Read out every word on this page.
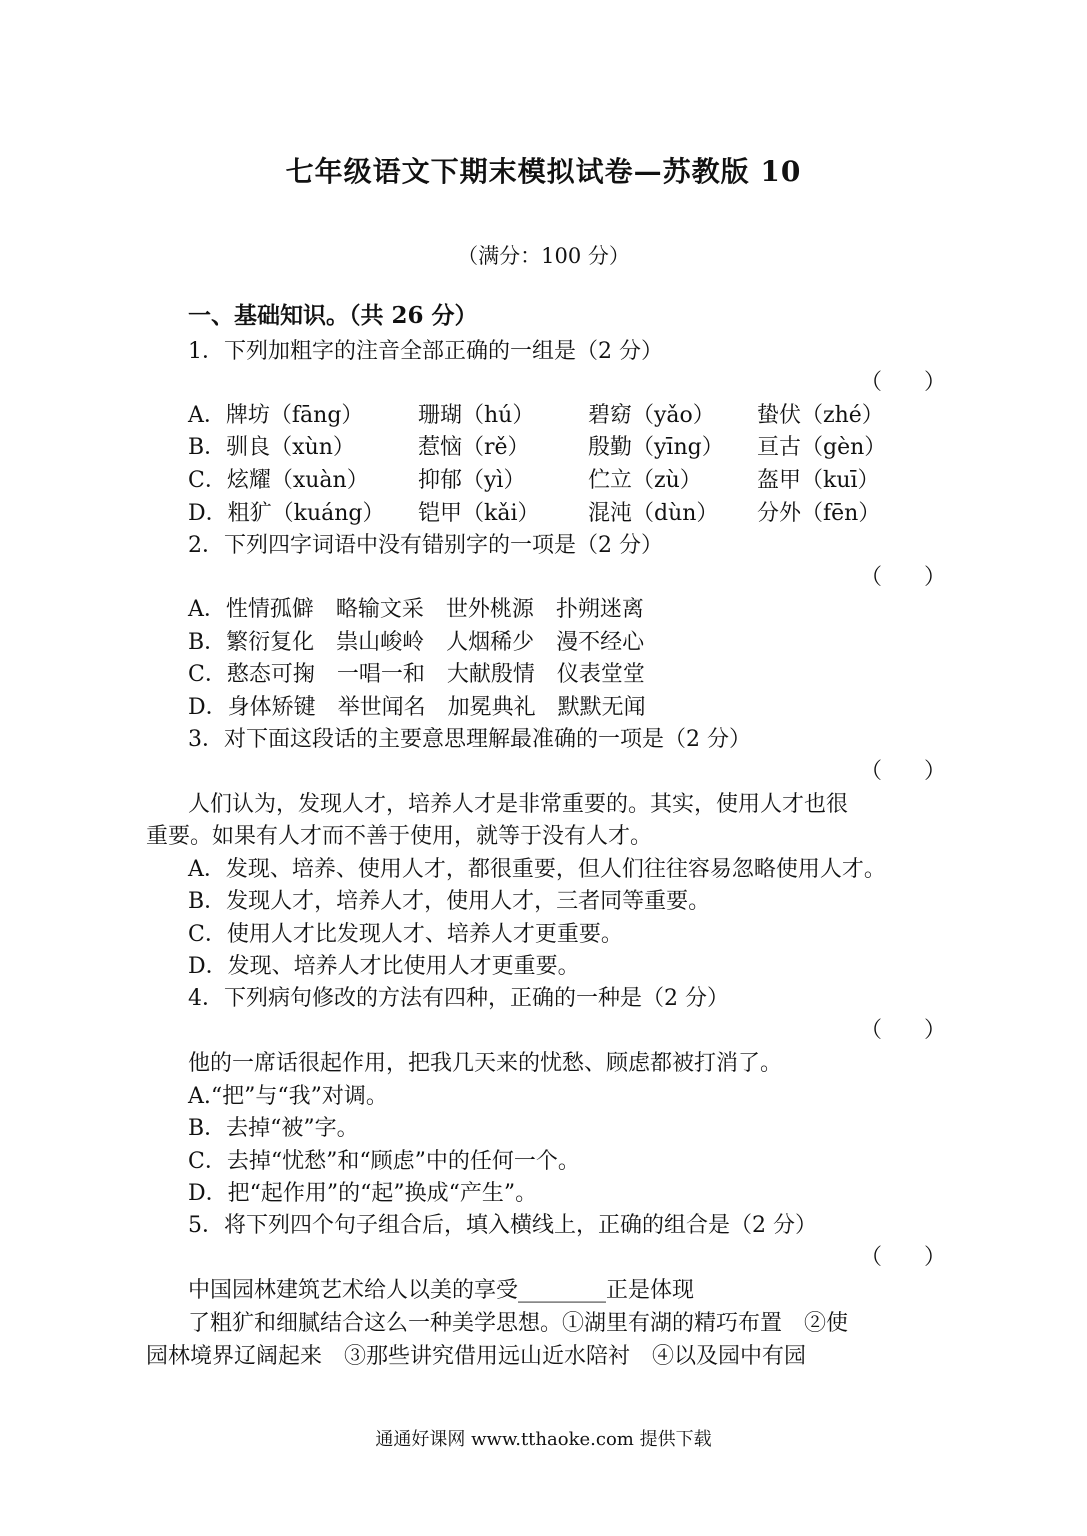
七年级语文下期末模拟试卷—苏教版 10
（满分：100 分）
一、基础知识。（共 26 分）
1．下列加粗字的注音全部正确的一组是（2 分）
（      ）
A．牌坊（fāng） 珊瑚（hú） 碧窈（yǎo） 蛰伏（zhé）
B．驯良（xùn）	惹恼（rě）	殷勤（yīng） 亘古（gèn）
C．炫耀（xuàn） 抑郁（yì）	伫立（zù）	盔甲（kuī）
D．粗犷（kuáng） 铠甲（kǎi） 混沌（dùn） 分外（fēn）
2．下列四字词语中没有错别字的一项是（2 分）
（      ）
A．性情孤僻　略输文采　世外桃源　扑朔迷离
B．繁衍复化　祟山峻岭　人烟稀少　漫不经心
C．憨态可掬　一唱一和　大献殷情　仪表堂堂
D．身体矫键　举世闻名　加冕典礼　默默无闻
3．对下面这段话的主要意思理解最准确的一项是（2 分）
（      ）
人们认为，发现人才，培养人才是非常重要的。其实，使用人才也很
重要。如果有人才而不善于使用，就等于没有人才。
A．发现、培养、使用人才，都很重要，但人们往往容易忽略使用人才。
B．发现人才，培养人才，使用人才，三者同等重要。
C．使用人才比发现人才、培养人才更重要。
D．发现、培养人才比使用人才更重要。
4．下列病句修改的方法有四种，正确的一种是（2 分）
（      ）
他的一席话很起作用，把我几天来的忧愁、顾虑都被打消了。
A.“把”与“我”对调。
B．去掉“被”字。
C．去掉“忧愁”和“顾虑”中的任何一个。
D．把“起作用”的“起”换成“产生”。
5．将下列四个句子组合后，填入横线上，正确的组合是（2 分）
（      ）
中国园林建筑艺术给人以美的享受________正是体现
了粗犷和细腻结合这么一种美学思想。①湖里有湖的精巧布置　②使
园林境界辽阔起来　③那些讲究借用远山近水陪衬　④以及园中有园
通通好课网 www.tthaoke.com 提供下载
